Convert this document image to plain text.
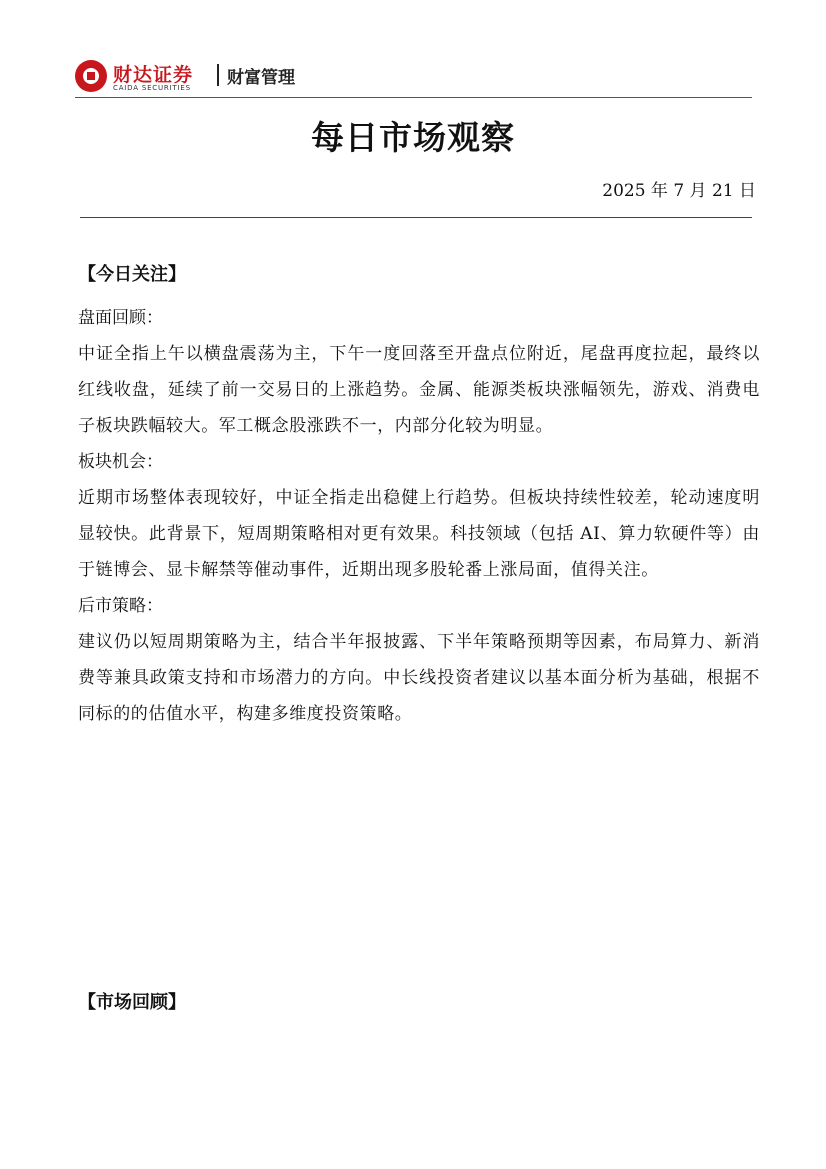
财达证券
CAIDA SECURITIES 财富管理
每日市场观察
2025 年 7 月 21 日
【今日关注】

盘面回顾：

中证全指上午以横盘震荡为主，下午一度回落至开盘点位附近，尾盘再度拉起，最终以红线收盘，延续了前一交易日的上涨趋势。金属、能源类板块涨幅领先，游戏、消费电子板块跌幅较大。军工概念股涨跌不一，内部分化较为明显。

板块机会：

近期市场整体表现较好，中证全指走出稳健上行趋势。但板块持续性较差，轮动速度明显较快。此背景下，短周期策略相对更有效果。科技领域（包括 AI、算力软硬件等）由于链博会、显卡解禁等催动事件，近期出现多股轮番上涨局面，值得关注。

后市策略：

建议仍以短周期策略为主，结合半年报披露、下半年策略预期等因素，布局算力、新消费等兼具政策支持和市场潜力的方向。中长线投资者建议以基本面分析为基础，根据不同标的的估值水平，构建多维度投资策略。

【市场回顾】
